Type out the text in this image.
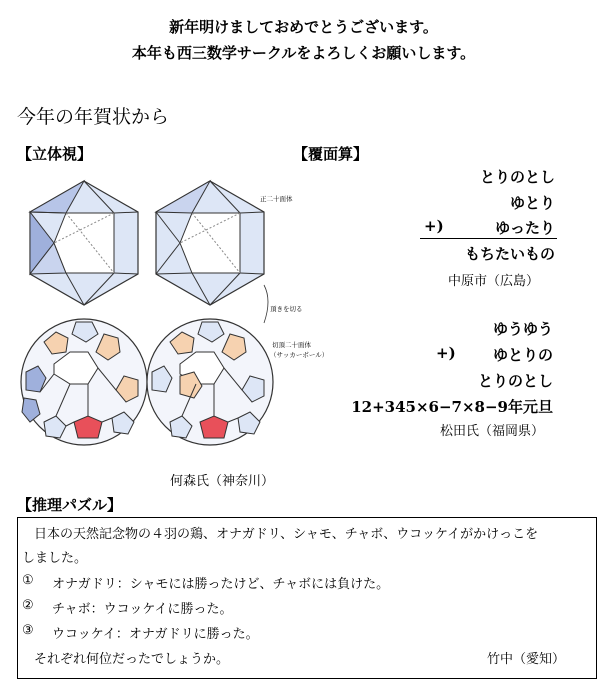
新年明けましておめでとうございます。
本年も西三数学サークルをよろしくお願いします。
今年の年賀状から
【立体視】
正二十面体
頂きを切る
切頂二十面体
（サッカーボール）
何森氏（神奈川）
【覆面算】
とりのとし
ゆとり
+)	ゆったり
もちたいもの
中原市（広島）
ゆうゆう
+)	ゆとりの
とりのとし
12+345×6−7×8−9年元旦
松田氏（福岡県）
【推理パズル】
日本の天然記念物の４羽の鶏、オナガドリ、シャモ、チャボ、ウコッケイがかけっこを
しました。
① オナガドリ：シャモには勝ったけど、チャボには負けた。
② チャボ：ウコッケイに勝った。
③ ウコッケイ：オナガドリに勝った。
それぞれ何位だったでしょうか。	竹中（愛知）
